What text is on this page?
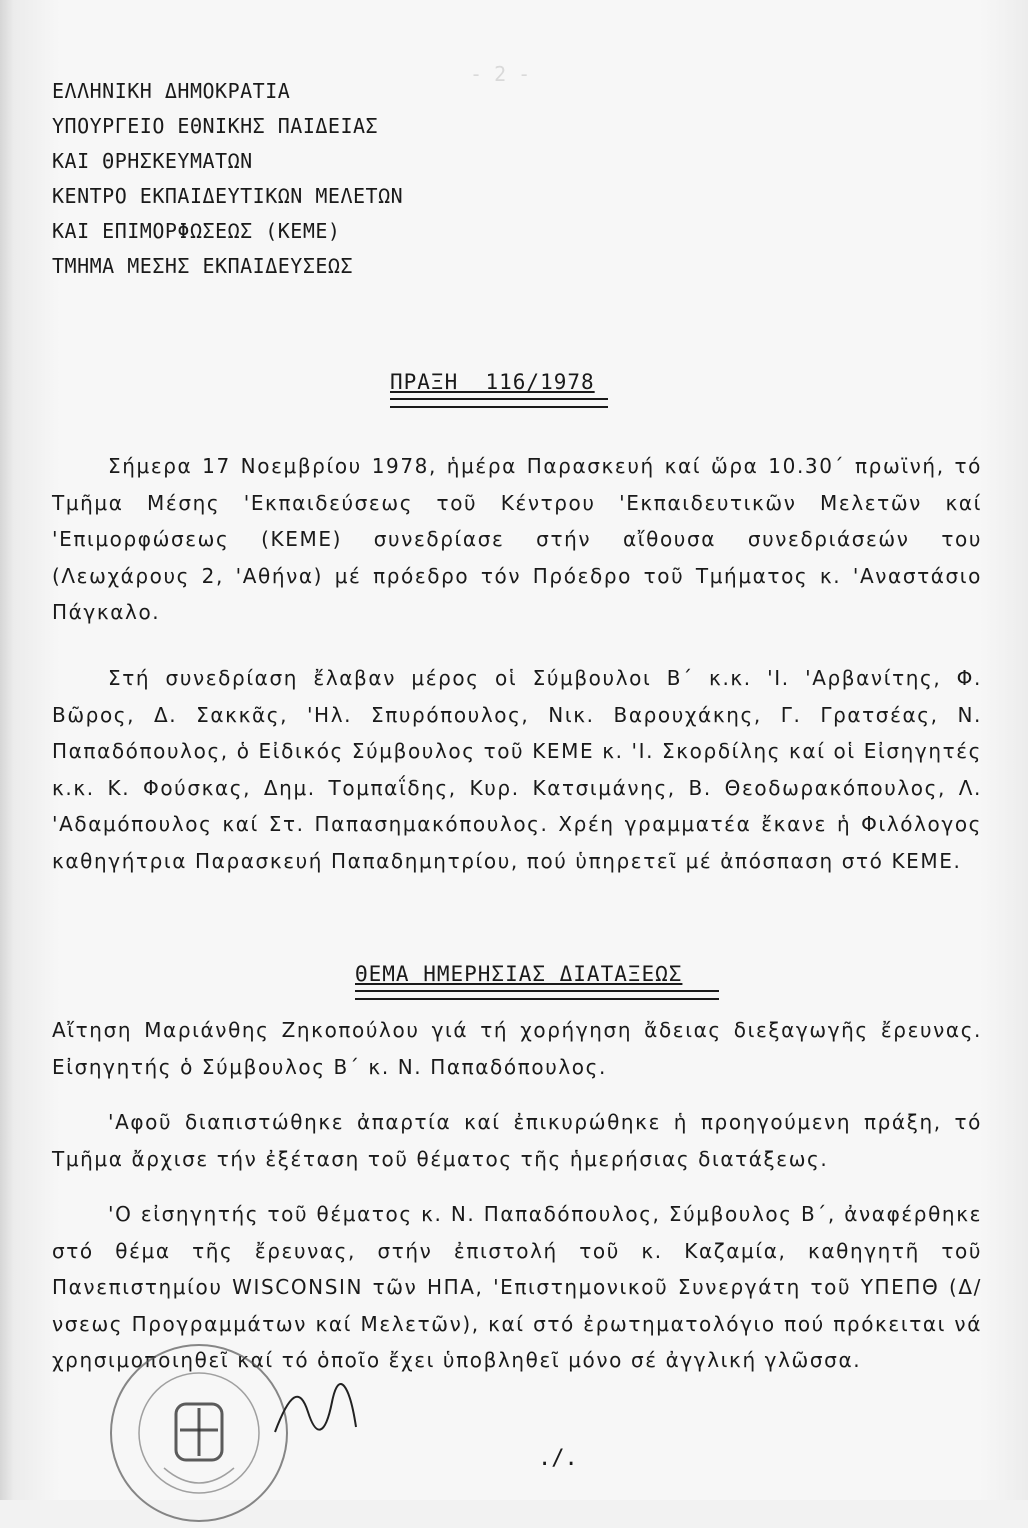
- 2 -
ΕΛΛΗΝΙΚΗ ΔΗΜΟΚΡΑΤΙΑ
ΥΠΟΥΡΓΕΙΟ ΕΘΝΙΚΗΣ ΠΑΙΔΕΙΑΣ
ΚΑΙ ΘΡΗΣΚΕΥΜΑΤΩΝ
ΚΕΝΤΡΟ ΕΚΠΑΙΔΕΥΤΙΚΩΝ ΜΕΛΕΤΩΝ
ΚΑΙ ΕΠΙΜΟΡΦΩΣΕΩΣ (ΚΕΜΕ)
ΤΜΗΜΑ ΜΕΣΗΣ ΕΚΠΑΙΔΕΥΣΕΩΣ
ΠΡΑΞΗ  116/1978
Σήμερα 17 Νοεμβρίου 1978, ἡμέρα Παρασκευή καί ὥρα 10.30΄ πρωϊνή, τό Τμῆμα Μέσης 'Εκπαιδεύσεως τοῦ Κέντρου 'Εκπαιδευτικῶν Μελετῶν καί 'Επιμορφώσεως (ΚΕΜΕ) συνεδρίασε στήν αἴθουσα συνεδριάσεών του (Λεωχάρους 2, 'Αθήνα) μέ πρόεδρο τόν Πρόεδρο τοῦ Τμήματος κ. 'Αναστάσιο Πάγκαλο.
Στή συνεδρίαση ἔλαβαν μέρος οἱ Σύμβουλοι Β΄ κ.κ. 'Ι. 'Αρβανίτης, Φ. Βῶρος, Δ. Σακκᾶς, 'Ηλ. Σπυρόπουλος, Νικ. Βαρουχάκης, Γ. Γρατσέας, Ν. Παπαδόπουλος, ὁ Εἰδικός Σύμβουλος τοῦ ΚΕΜΕ κ. 'Ι. Σκορδίλης καί οἱ Εἰσηγητές κ.κ. Κ. Φούσκας, Δημ. Τομπαΐδης, Κυρ. Κατσιμάνης, Β. Θεοδωρακόπουλος, Λ. 'Αδαμόπουλος καί Στ. Παπασημακόπουλος. Χρέη γραμματέα ἔκανε ἡ Φιλόλογος καθηγήτρια Παρασκευή Παπαδημητρίου, πού ὑπηρετεῖ μέ ἀπόσπαση στό ΚΕΜΕ.
ΘΕΜΑ ΗΜΕΡΗΣΙΑΣ ΔΙΑΤΑΞΕΩΣ
Αἴτηση Μαριάνθης Ζηκοπούλου γιά τή χορήγηση ἄδειας διεξαγωγῆς ἔρευνας. Εἰσηγητής ὁ Σύμβουλος Β΄ κ. Ν. Παπαδόπουλος.
'Αφοῦ διαπιστώθηκε ἀπαρτία καί ἐπικυρώθηκε ἡ προηγούμενη πράξη, τό Τμῆμα ἄρχισε τήν ἐξέταση τοῦ θέματος τῆς ἡμερήσιας διατάξεως.
'Ο εἰσηγητής τοῦ θέματος κ. Ν. Παπαδόπουλος, Σύμβουλος Β΄, ἀναφέρθηκε στό θέμα τῆς ἔρευνας, στήν ἐπιστολή τοῦ κ. Καζαμία, καθηγητῆ τοῦ Πανεπιστημίου WISCONSIN τῶν ΗΠΑ, 'Επιστημονικοῦ Συνεργάτη τοῦ ΥΠΕΠΘ (Δ/νσεως Προγραμμάτων καί Μελετῶν), καί στό ἐρωτηματολόγιο πού πρόκειται νά χρησιμοποιηθεῖ καί τό ὁποῖο ἔχει ὑποβληθεῖ μόνο σέ ἀγγλική γλῶσσα.
./.
